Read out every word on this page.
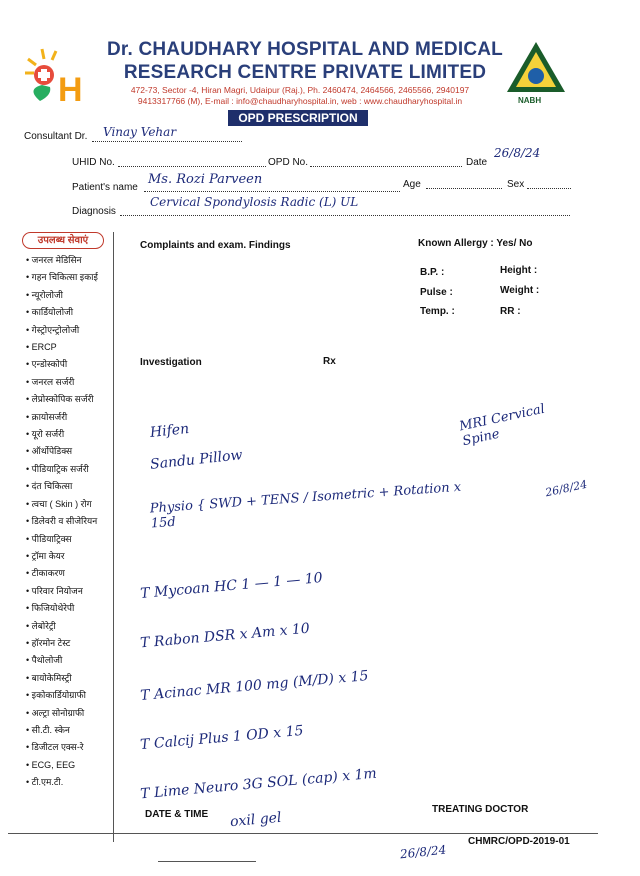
H
Dr. CHAUDHARY HOSPITAL AND MEDICAL
RESEARCH CENTRE PRIVATE LIMITED
472-73, Sector -4, Hiran Magri, Udaipur (Raj.), Ph. 2460474, 2464566, 2465566, 2940197
9413317766 (M), E-mail : info@chaudharyhospital.in, web : www.chaudharyhospital.in	NABH
OPD PRESCRIPTION
Consultant Dr. Vinay Vehar
UHID No.	OPD No.	Date
26/8/24
Patient's name
Ms. Rozi Parveen	Age	Sex
Diagnosis
Cervical Spondylosis Radic (L) UL
उपलब्ध सेवाएं
• जनरल मेडिसिन
• गहन चिकित्सा इकाई
• न्यूरोलोजी
• कार्डियोलोजी
• गेस्ट्रोएन्ट्रोलोजी
• ERCP
• एन्डोस्कोपी
• जनरल सर्जरी
• लेप्रोस्कोपिक सर्जरी
• क्रायोसर्जरी
• यूरो सर्जरी
• ऑर्थोपेडिक्स
• पीडियाट्रिक सर्जरी
• दंत चिकित्सा
• त्वचा ( Skin ) रोग
• डिलेवरी व सीजेरियन
• पीडियाट्रिक्स
• ट्रॉमा केयर
• टीकाकरण
• परिवार नियोजन
• फिजियोथेरेपी
• लेबोरेट्री
• हॉरमोन टेस्ट
• पैथोलोजी
• बायोकेमिस्ट्री
• इकोकार्डियोग्राफी
• अल्ट्रा सोनोग्राफी
• सी.टी. स्केन
• डिजीटल एक्स-रे
• ECG, EEG
• टी.एम.टी.
Complaints and exam. Findings	Known Allergy : Yes/ No
B.P. :	Height :
Pulse :	Weight :
Temp. :	RR :
Investigation	Rx
MRI Cervical Spine
26/8/24
Hifen
Sandu Pillow
Physio { SWD + TENS / Isometric + Rotation x 15d
T Mycoan HC 1 — 1 — 10
T Rabon DSR x Am x 10
T Acinac MR 100 mg (M/D) x 15
T Calcij Plus 1 OD x 15
T Lime Neuro 3G SOL (cap) x 1m
oxil gel
DATE & TIME	TREATING DOCTOR
26/8/24
CHMRC/OPD-2019-01
